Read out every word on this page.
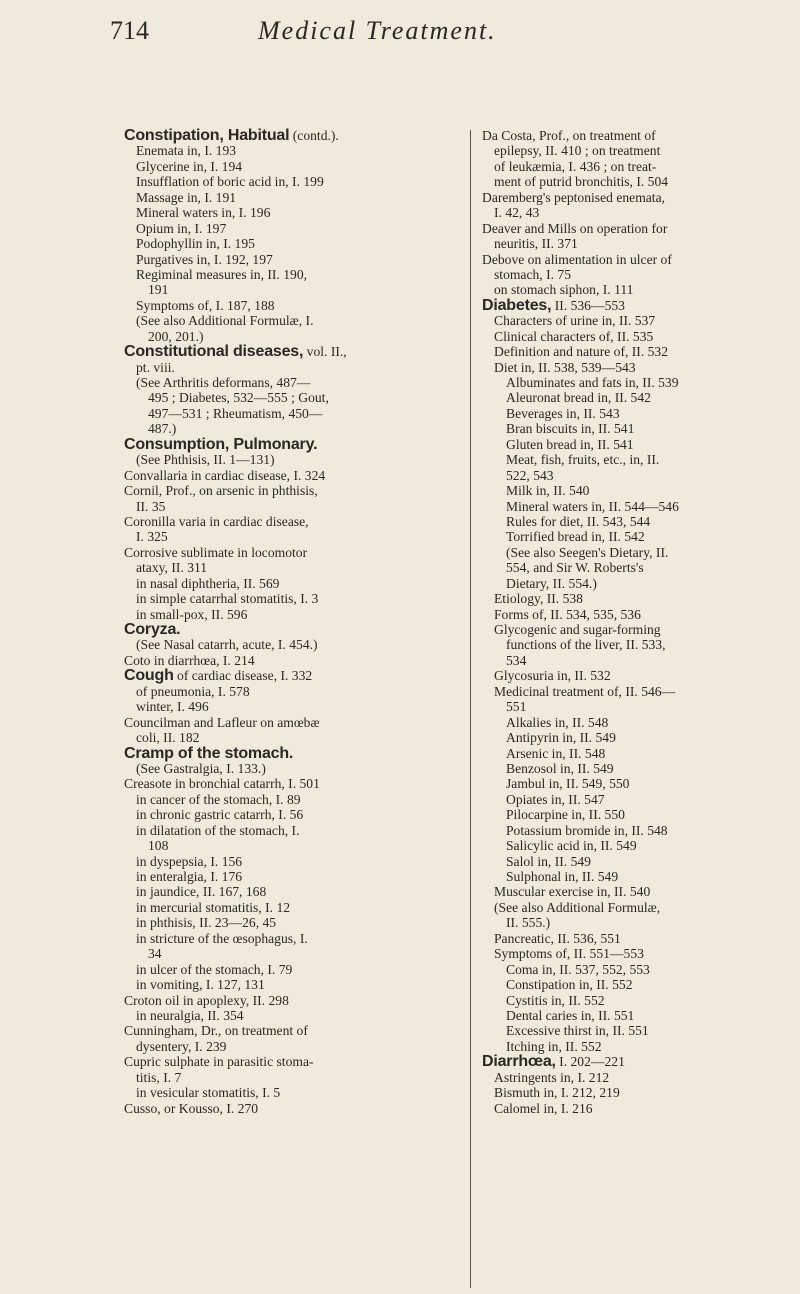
714	Medical Treatment.
Constipation, Habitual (contd.).
Enemata in, I. 193
Glycerine in, I. 194
Insufflation of boric acid in, I. 199
Massage in, I. 191
Mineral waters in, I. 196
Opium in, I. 197
Podophyllin in, I. 195
Purgatives in, I. 192, 197
Regiminal measures in, II. 190,
191
Symptoms of, I. 187, 188
(See also Additional Formulæ, I.
200, 201.)
Constitutional diseases, vol. II.,
pt. viii.
(See Arthritis deformans, 487—
495 ; Diabetes, 532—555 ; Gout,
497—531 ; Rheumatism, 450—
487.)
Consumption, Pulmonary.
(See Phthisis, II. 1—131)
Convallaria in cardiac disease, I. 324
Cornil, Prof., on arsenic in phthisis,
II. 35
Coronilla varia in cardiac disease,
I. 325
Corrosive sublimate in locomotor
ataxy, II. 311
in nasal diphtheria, II. 569
in simple catarrhal stomatitis, I. 3
in small-pox, II. 596
Coryza.
(See Nasal catarrh, acute, I. 454.)
Coto in diarrhœa, I. 214
Cough of cardiac disease, I. 332
of pneumonia, I. 578
winter, I. 496
Councilman and Lafleur on amœbæ
coli, II. 182
Cramp of the stomach.
(See Gastralgia, I. 133.)
Creasote in bronchial catarrh, I. 501
in cancer of the stomach, I. 89
in chronic gastric catarrh, I. 56
in dilatation of the stomach, I.
108
in dyspepsia, I. 156
in enteralgia, I. 176
in jaundice, II. 167, 168
in mercurial stomatitis, I. 12
in phthisis, II. 23—26, 45
in stricture of the œsophagus, I.
34
in ulcer of the stomach, I. 79
in vomiting, I. 127, 131
Croton oil in apoplexy, II. 298
in neuralgia, II. 354
Cunningham, Dr., on treatment of
dysentery, I. 239
Cupric sulphate in parasitic stoma-
titis, I. 7
in vesicular stomatitis, I. 5
Cusso, or Kousso, I. 270
Da Costa, Prof., on treatment of
epilepsy, II. 410 ; on treatment
of leukæmia, I. 436 ; on treat-
ment of putrid bronchitis, I. 504
Daremberg's peptonised enemata,
I. 42, 43
Deaver and Mills on operation for
neuritis, II. 371
Debove on alimentation in ulcer of
stomach, I. 75
on stomach siphon, I. 111
Diabetes, II. 536—553
Characters of urine in, II. 537
Clinical characters of, II. 535
Definition and nature of, II. 532
Diet in, II. 538, 539—543
Albuminates and fats in, II. 539
Aleuronat bread in, II. 542
Beverages in, II. 543
Bran biscuits in, II. 541
Gluten bread in, II. 541
Meat, fish, fruits, etc., in, II.
522, 543
Milk in, II. 540
Mineral waters in, II. 544—546
Rules for diet, II. 543, 544
Torrified bread in, II. 542
(See also Seegen's Dietary, II.
554, and Sir W. Roberts's
Dietary, II. 554.)
Etiology, II. 538
Forms of, II. 534, 535, 536
Glycogenic and sugar-forming
functions of the liver, II. 533,
534
Glycosuria in, II. 532
Medicinal treatment of, II. 546—
551
Alkalies in, II. 548
Antipyrin in, II. 549
Arsenic in, II. 548
Benzosol in, II. 549
Jambul in, II. 549, 550
Opiates in, II. 547
Pilocarpine in, II. 550
Potassium bromide in, II. 548
Salicylic acid in, II. 549
Salol in, II. 549
Sulphonal in, II. 549
Muscular exercise in, II. 540
(See also Additional Formulæ,
II. 555.)
Pancreatic, II. 536, 551
Symptoms of, II. 551—553
Coma in, II. 537, 552, 553
Constipation in, II. 552
Cystitis in, II. 552
Dental caries in, II. 551
Excessive thirst in, II. 551
Itching in, II. 552
Diarrhœa, I. 202—221
Astringents in, I. 212
Bismuth in, I. 212, 219
Calomel in, I. 216
